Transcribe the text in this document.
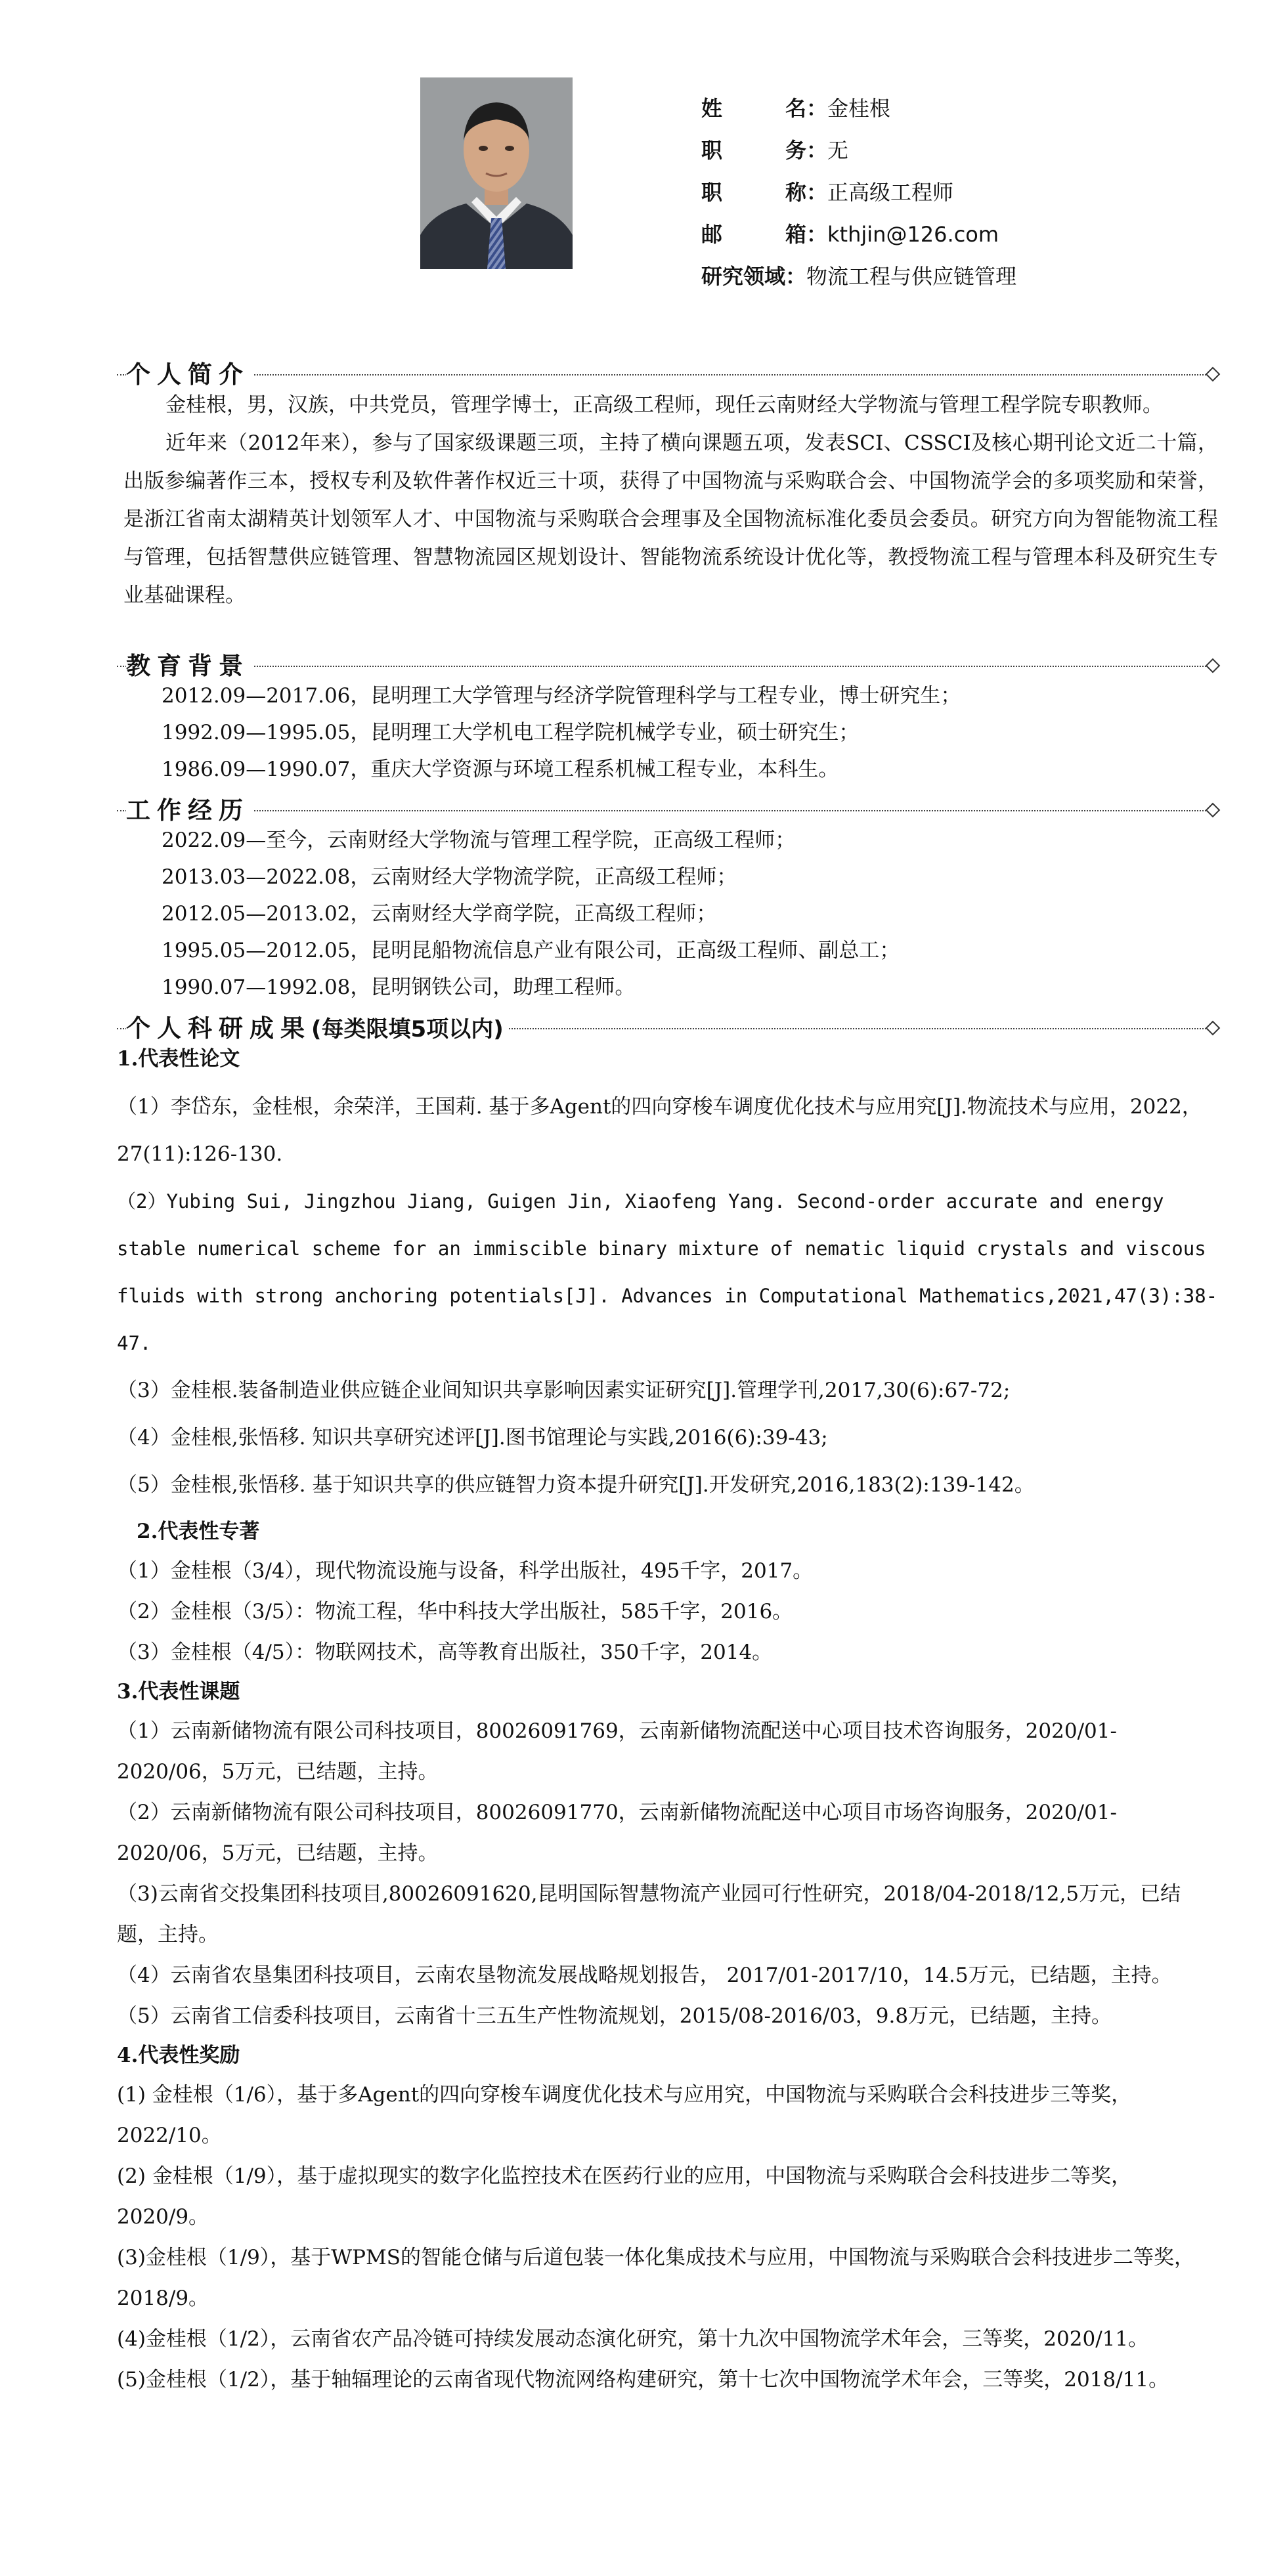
姓名：金桂根
职务：无
职称：正高级工程师
邮箱：kthjin@126.com
研究领域：物流工程与供应链管理
个人简介
金桂根，男，汉族，中共党员，管理学博士，正高级工程师，现任云南财经大学物流与管理工程学院专职教师。
近年来（2012年来），参与了国家级课题三项，主持了横向课题五项，发表SCI、CSSCI及核心期刊论文近二十篇，出版参编著作三本，授权专利及软件著作权近三十项，获得了中国物流与采购联合会、中国物流学会的多项奖励和荣誉，是浙江省南太湖精英计划领军人才、中国物流与采购联合会理事及全国物流标准化委员会委员。研究方向为智能物流工程与管理，包括智慧供应链管理、智慧物流园区规划设计、智能物流系统设计优化等，教授物流工程与管理本科及研究生专业基础课程。
教育背景
2012.09—2017.06，昆明理工大学管理与经济学院管理科学与工程专业，博士研究生；
1992.09—1995.05，昆明理工大学机电工程学院机械学专业，硕士研究生；
1986.09—1990.07，重庆大学资源与环境工程系机械工程专业，本科生。
工作经历
2022.09—至今，云南财经大学物流与管理工程学院，正高级工程师；
2013.03—2022.08，云南财经大学物流学院，正高级工程师；
2012.05—2013.02，云南财经大学商学院，正高级工程师；
1995.05—2012.05，昆明昆船物流信息产业有限公司，正高级工程师、副总工；
1990.07—1992.08，昆明钢铁公司，助理工程师。
个人科研成果(每类限填5项以内)
1.代表性论文
（1）李岱东，金桂根，余荣洋，王国莉. 基于多Agent的四向穿梭车调度优化技术与应用究[J].物流技术与应用，2022，27(11):126-130.
（2）Yubing Sui, Jingzhou Jiang, Guigen Jin, Xiaofeng Yang. Second-order accurate and energy stable numerical scheme for an immiscible binary mixture of nematic liquid crystals and viscous fluids with strong anchoring potentials[J]. Advances in Computational Mathematics,2021,47(3):38-47.
（3）金桂根.装备制造业供应链企业间知识共享影响因素实证研究[J].管理学刊,2017,30(6):67-72;
（4）金桂根,张悟移. 知识共享研究述评[J].图书馆理论与实践,2016(6):39-43;
（5）金桂根,张悟移. 基于知识共享的供应链智力资本提升研究[J].开发研究,2016,183(2):139-142。
2.代表性专著
（1）金桂根（3/4），现代物流设施与设备，科学出版社，495千字，2017。
（2）金桂根（3/5）：物流工程，华中科技大学出版社，585千字，2016。
（3）金桂根（4/5）：物联网技术，高等教育出版社，350千字，2014。
3.代表性课题
（1）云南新储物流有限公司科技项目，80026091769，云南新储物流配送中心项目技术咨询服务，2020/01-2020/06，5万元，已结题，主持。
（2）云南新储物流有限公司科技项目，80026091770，云南新储物流配送中心项目市场咨询服务，2020/01-2020/06，5万元，已结题，主持。
（3)云南省交投集团科技项目,80026091620,昆明国际智慧物流产业园可行性研究，2018/04-2018/12,5万元，已结题，主持。
（4）云南省农垦集团科技项目，云南农垦物流发展战略规划报告， 2017/01-2017/10，14.5万元，已结题，主持。
（5）云南省工信委科技项目，云南省十三五生产性物流规划，2015/08-2016/03，9.8万元，已结题，主持。
4.代表性奖励
(1) 金桂根（1/6），基于多Agent的四向穿梭车调度优化技术与应用究，中国物流与采购联合会科技进步三等奖，2022/10。
(2) 金桂根（1/9），基于虚拟现实的数字化监控技术在医药行业的应用，中国物流与采购联合会科技进步二等奖，2020/9。
(3)金桂根（1/9），基于WPMS的智能仓储与后道包装一体化集成技术与应用，中国物流与采购联合会科技进步二等奖，2018/9。
(4)金桂根（1/2），云南省农产品冷链可持续发展动态演化研究，第十九次中国物流学术年会，三等奖，2020/11。
(5)金桂根（1/2），基于轴辐理论的云南省现代物流网络构建研究，第十七次中国物流学术年会，三等奖，2018/11。
